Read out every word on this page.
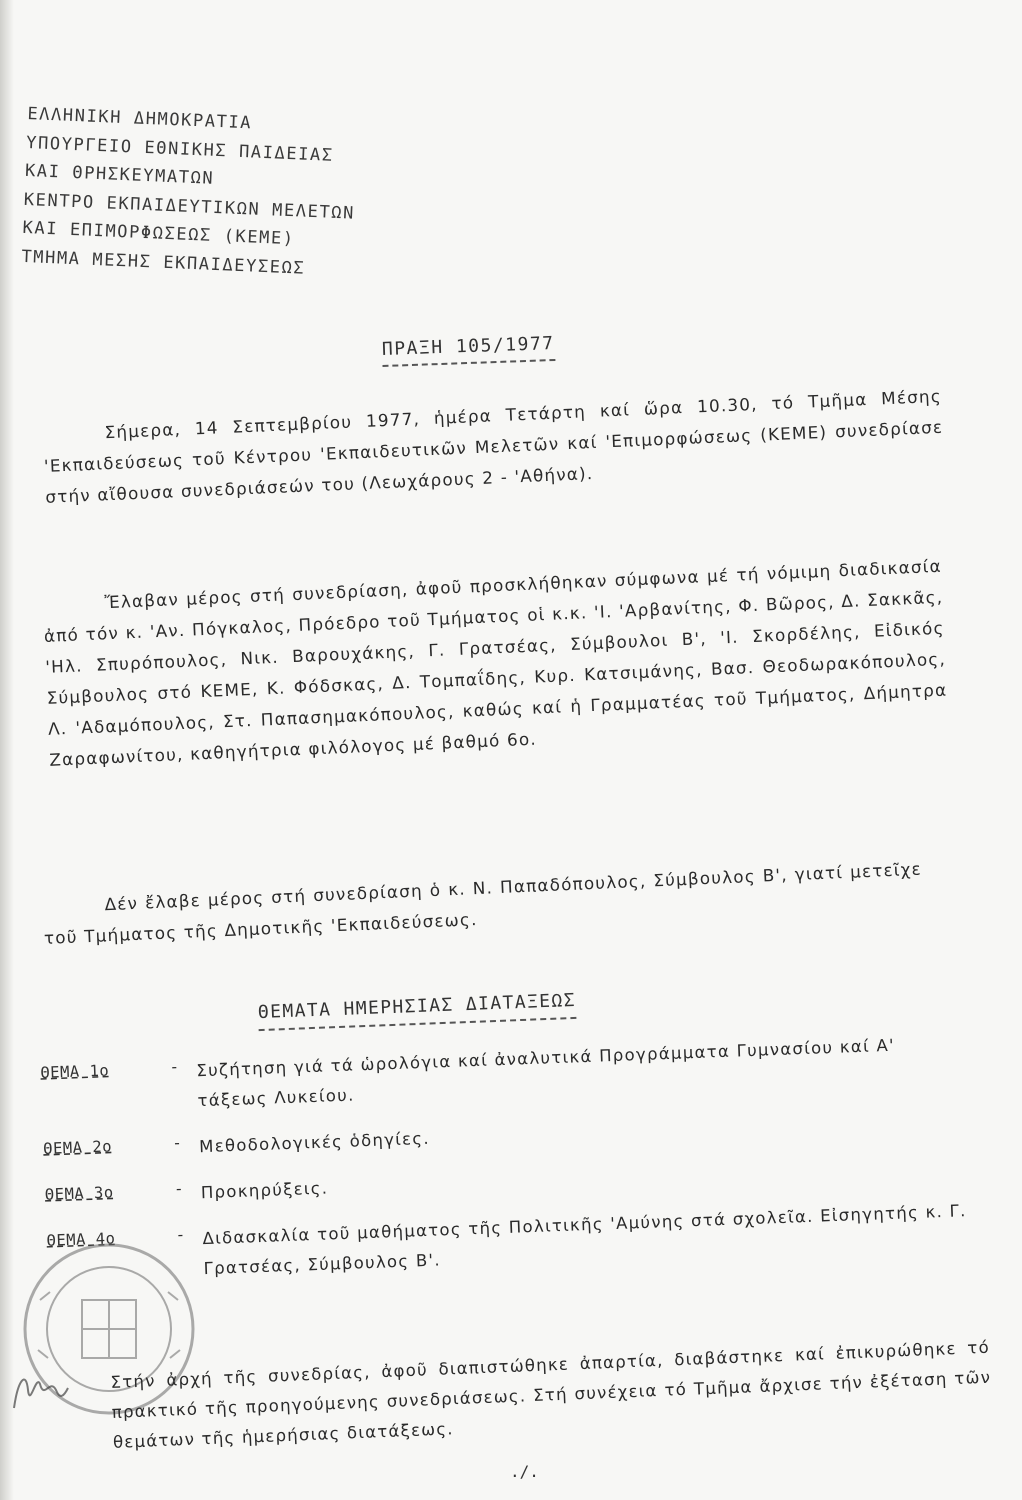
ΕΛΛΗΝΙΚΗ ΔΗΜΟΚΡΑΤΙΑ
ΥΠΟΥΡΓΕΙΟ ΕΘΝΙΚΗΣ ΠΑΙΔΕΙΑΣ
ΚΑΙ ΘΡΗΣΚΕΥΜΑΤΩΝ
ΚΕΝΤΡΟ ΕΚΠΑΙΔΕΥΤΙΚΩΝ ΜΕΛΕΤΩΝ
ΚΑΙ ΕΠΙΜΟΡΦΩΣΕΩΣ (ΚΕΜΕ)
ΤΜΗΜΑ ΜΕΣΗΣ ΕΚΠΑΙΔΕΥΣΕΩΣ
ΠΡΑΞΗ 105/1977

Σήμερα, 14 Σεπτεμβρίου 1977, ἡμέρα Τετάρτη καί ὥρα 10.30, τό Τμῆμα Μέσης 'Εκπαιδεύσεως τοῦ Κέντρου 'Εκπαιδευτικῶν Μελετῶν καί 'Επιμορφώσεως (ΚΕΜΕ) συνεδρίασε στήν αἴθουσα συνεδριάσεών του (Λεωχάρους 2 - 'Αθήνα).

Ἔλαβαν μέρος στή συνεδρίαση, ἀφοῦ προσκλήθηκαν σύμφωνα μέ τή νόμιμη διαδικασία ἀπό τόν κ. 'Αν. Πόγκαλος, Πρόεδρο τοῦ Τμήματος οἱ κ.κ. 'Ι. 'Αρβανίτης, Φ. Βῶρος, Δ. Σακκᾶς, 'Ηλ. Σπυρόπουλος, Νικ. Βαρουχάκης, Γ. Γρατσέας, Σύμβουλοι Β', 'Ι. Σκορδέλης, Εἰδικός Σύμβουλος στό ΚΕΜΕ, Κ. Φόδσκας, Δ. Τομπαΐδης, Κυρ. Κατσιμάνης, Βασ. Θεοδωρακόπουλος, Λ. 'Αδαμόπουλος, Στ. Παπασημακόπουλος, καθώς καί ἡ Γραμματέας τοῦ Τμήματος, Δήμητρα Ζαραφωνίτου, καθηγήτρια φιλόλογος μέ βαθμό 6ο.

Δέν ἔλαβε μέρος στή συνεδρίαση ὁ κ. Ν. Παπαδόπουλος, Σύμβουλος Β', γιατί μετεῖχε τοῦ Τμήματος τῆς Δημοτικῆς 'Εκπαιδεύσεως.

ΘΕΜΑΤΑ ΗΜΕΡΗΣΙΑΣ ΔΙΑΤΑΞΕΩΣ
ΘΕΜΑ 1ο	-	Συζήτηση γιά τά ὡρολόγια καί ἀναλυτικά Προγράμματα Γυμνασίου καί Α' τάξεως Λυκείου.
ΘΕΜΑ 2ο	-	Μεθοδολογικές ὁδηγίες.
ΘΕΜΑ 3ο	-	Προκηρύξεις.
ΘΕΜΑ 4ο	-	Διδασκαλία τοῦ μαθήματος τῆς Πολιτικῆς 'Αμύνης στά σχολεῖα. Εἰσηγητής κ. Γ. Γρατσέας, Σύμβουλος Β'.
Στήν ἀρχή τῆς συνεδρίας, ἀφοῦ διαπιστώθηκε ἀπαρτία, διαβάστηκε καί ἐπικυρώθηκε τό πρακτικό τῆς προηγούμενης συνεδριάσεως. Στή συνέχεια τό Τμῆμα ἄρχισε τήν ἐξέταση τῶν θεμάτων τῆς ἡμερήσιας διατάξεως.
./.
